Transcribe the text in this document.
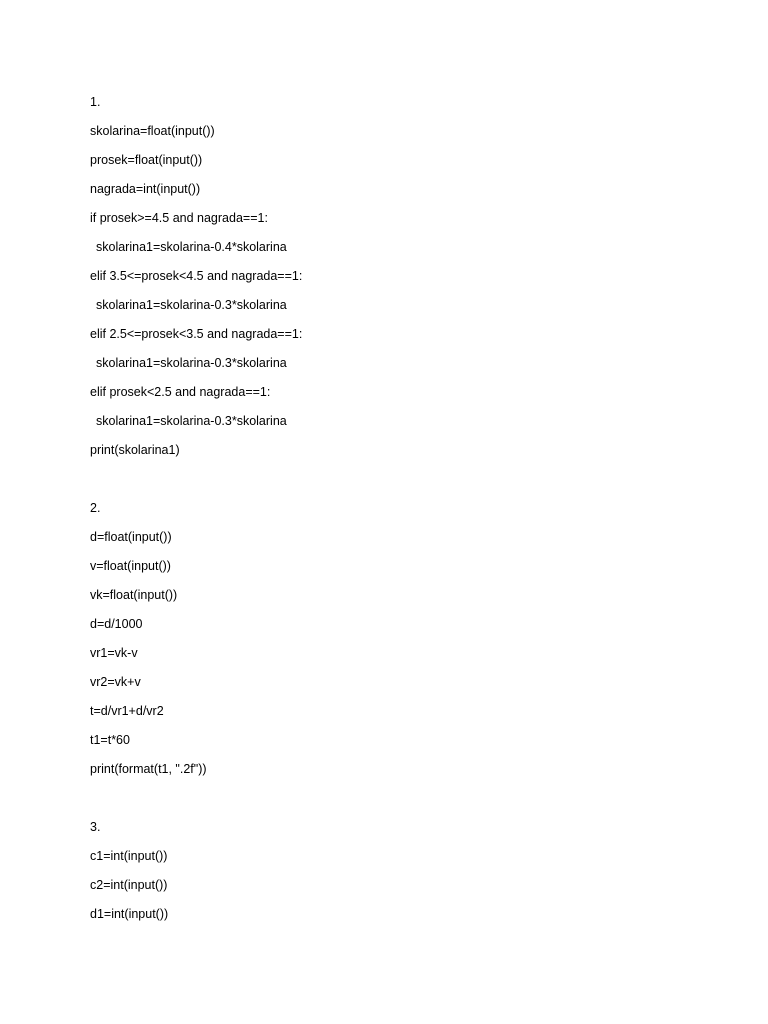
1.
skolarina=float(input())
prosek=float(input())
nagrada=int(input())
if prosek>=4.5 and nagrada==1:
skolarina1=skolarina-0.4*skolarina
elif 3.5<=prosek<4.5 and nagrada==1:
skolarina1=skolarina-0.3*skolarina
elif 2.5<=prosek<3.5 and nagrada==1:
skolarina1=skolarina-0.3*skolarina
elif prosek<2.5 and nagrada==1:
skolarina1=skolarina-0.3*skolarina
print(skolarina1)
2.
d=float(input())
v=float(input())
vk=float(input())
d=d/1000
vr1=vk-v
vr2=vk+v
t=d/vr1+d/vr2
t1=t*60
print(format(t1, ".2f"))
3.
c1=int(input())
c2=int(input())
d1=int(input())
